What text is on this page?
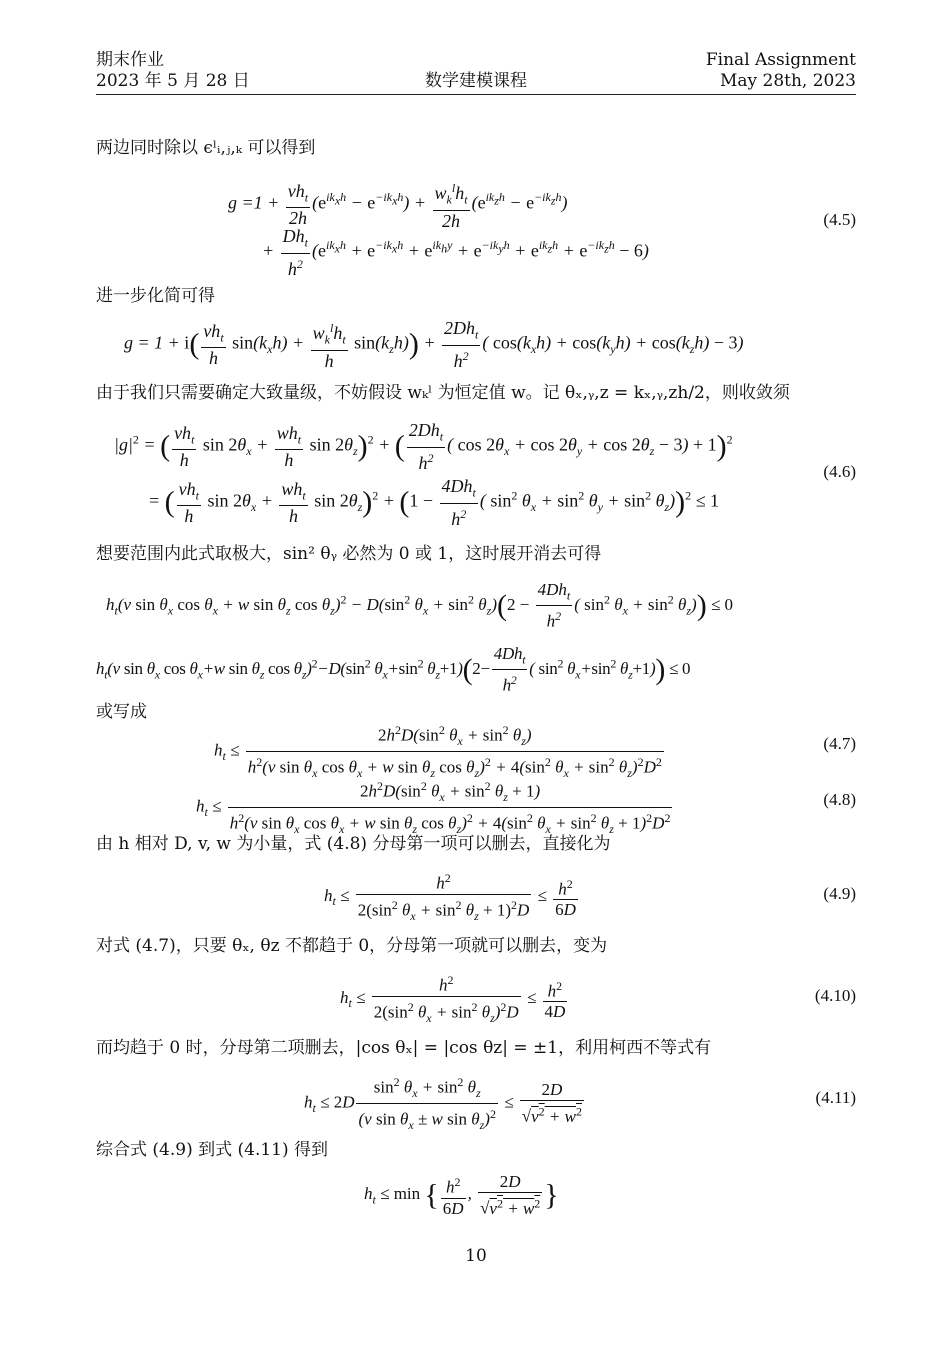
期末作业
2023 年 5 月 28 日	数学建模课程
Final Assignment
May 28th, 2023
两边同时除以 ϵˡᵢ,ⱼ,ₖ 可以得到
$g =1 + \frac{vh_t}{2h} (e^{ik_xh} - e^{-ik_xh}) + \frac{w_k^lh_t}{2h} (e^{ik_zh} - e^{-ik_zh})$
+ $\frac{Dh_t}{h^2} (e^{ik_xh} + e^{-ik_xh} + e^{ik_hy} + e^{-ik_yh} + e^{ik_zh} + e^{-ik_zh} - 6)$
(4.5)
进一步化简可得
$g = 1 + i( \frac{vh_t}{h} \sin(k_xh) + \frac{w_k^lh_t}{h} \sin(k_zh)) + \frac{2Dh_t}{h^2}$ ( $\cos(k_xh) + \cos(k_yh) + \cos(k_zh) - 3$)
由于我们只需要确定大致量级，不妨假设 wₖˡ 为恒定值 w。记 θₓ,ᵧ,z = kₓ,ᵧ,zh/2，则收敛须
$|g|^2$ = ( $\frac{vh_t}{h}$ $\sin 2\theta_x + \frac{wh_t}{h}$ $\sin 2\theta_z)^2$ + ( $\frac{2Dh_t}{h^2}$ ( $\cos 2\theta_x + \cos 2\theta_y + \cos 2\theta_z - 3) + 1)^2$
= ( $\frac{vh_t}{h}$ $\sin 2\theta_x + \frac{wh_t}{h}$ $\sin 2\theta_z)^2 + (1 - \frac{4Dh_t}{h^2}$ ( $\sin^2 \theta_x + \sin^2 \theta_y + \sin^2 \theta_z))^2 \le 1$
(4.6)
想要范围内此式取极大，sin² θᵧ 必然为 0 或 1，这时展开消去可得
$h_t(v$ $\sin \theta_x$ $\cos \theta_x + w$ $\sin \theta_z$ $\cos \theta_z)^2 - D(\sin^2$ $\theta_x + \sin^2 \theta_z)(2 - \frac{4Dh_t}{h^2}$ ( $\sin^2 \theta_x + \sin^2 \theta_z)) \le 0$
$h_t(v$ $\sin \theta_x$ $\cos \theta_x+w$ $\sin \theta_z$ $\cos \theta_z)^2-D(\sin^2$ $\theta_x+\sin^2$ $\theta_z+1)(2- \frac{4Dh_t}{h^2}$ ( $\sin^2 \theta_x+\sin^2$ $\theta_z+1)) \le 0$
或写成
$h_t$ ≤
$2h^2D(\sin^2$ $\theta_x + \sin^2 \theta_z$)
$h^2(v$ $\sin \theta_x$ $\cos \theta_x + w$ $\sin \theta_z$ $\cos \theta_z)^2 + 4(\sin^2$ $\theta_x + \sin^2 \theta_z)^2D^2$
(4.7)
$h_t$ ≤
$2h^2D(\sin^2$ $\theta_x + \sin^2 \theta_z + 1$)
$h^2(v$ $\sin \theta_x$ $\cos \theta_x + w$ $\sin \theta_z$ $\cos \theta_z)^2 + 4(\sin^2$ $\theta_x + \sin^2 \theta_z + 1)^2D^2$
(4.8)
由 h 相对 D, v, w 为小量，式 (4.8) 分母第一项可以删去，直接化为
$h_t \le \frac{h^2}{2(\sin^2 \theta_x + \sin^2 \theta_z + 1)^2D} \le \frac{h^2}{6D}$	(4.9)
对式 (4.7)，只要 θₓ, θz 不都趋于 0，分母第一项就可以删去，变为
$h_t \le \frac{h^2}{2(\sin^2 \theta_x + \sin^2 \theta_z)^2D} \le \frac{h^2}{4D}$	(4.10)
而均趋于 0 时，分母第二项删去，|cos θₓ| = |cos θz| = ±1，利用柯西不等式有
$h_t \le 2D \frac{\sin^2 \theta_x + \sin^2 \theta_z}{(v \sin \theta_x \pm w \sin \theta_z)^2} \le \frac{2D}{√v^2 + w^2}$	(4.11)
综合式 (4.9) 到式 (4.11) 得到
$h_t \le \min$ { $\frac{h^2}{6D}$ , $\frac{2D}{√v^2 + w^2}$ }
10
